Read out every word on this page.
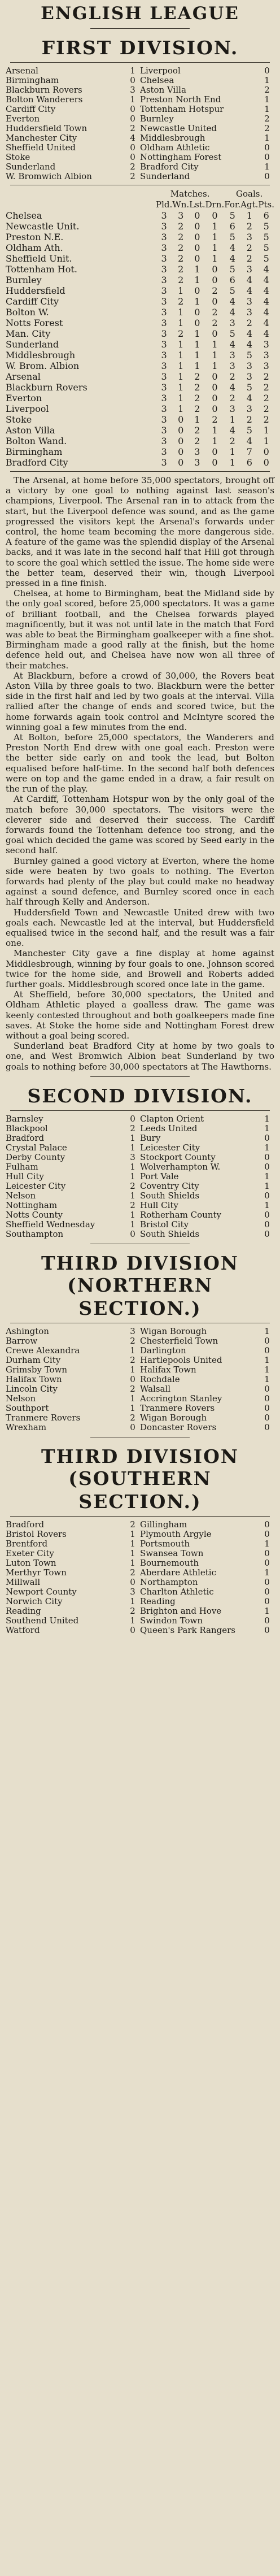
ENGLISH LEAGUE
FIRST DIVISION.
Arsenal	1 Liverpool	0
Birmingham	0 Chelsea	1
Blackburn Rovers	3 Aston Villa	2
Bolton Wanderers	1 Preston North End	1
Cardiff City	0 Tottenham Hotspur	1
Everton	0 Burnley	2
Huddersfield Town	2 Newcastle United	2
Manchester City	4 Middlesbrough	1
Sheffield United	0 Oldham Athletic	0
Stoke	0 Nottingham Forest	0
Sunderland	2 Bradford City	1
W. Bromwich Albion	2 Sunderland	0
	Matches.				Goals.		
	Pld.	Wn.	Lst.	Drn.	For.	Agt.	Pts.
Chelsea	3	3	0	0	5	1	6
Newcastle Unit.	3	2	0	1	6	2	5
Preston N.E.	3	2	0	1	5	3	5
Oldham Ath.	3	2	0	1	4	2	5
Sheffield Unit.	3	2	0	1	4	2	5
Tottenham Hot.	3	2	1	0	5	3	4
Burnley	3	2	1	0	6	4	4
Huddersfield	3	1	0	2	5	4	4
Cardiff City	3	2	1	0	4	3	4
Bolton W.	3	1	0	2	4	3	4
Notts Forest	3	1	0	2	3	2	4
Man. City	3	2	1	0	5	4	4
Sunderland	3	1	1	1	4	4	3
Middlesbrough	3	1	1	1	3	5	3
W. Brom. Albion	3	1	1	1	3	3	3
Arsenal	3	1	2	0	2	3	2
Blackburn Rovers	3	1	2	0	4	5	2
Everton	3	1	2	0	2	4	2
Liverpool	3	1	2	0	3	3	2
Stoke	3	0	1	2	1	2	2
Aston Villa	3	0	2	1	4	5	1
Bolton Wand.	3	0	2	1	2	4	1
Birmingham	3	0	3	0	1	7	0
Bradford City	3	0	3	0	1	6	0

The Arsenal, at home before 35,000 spectators, brought off a victory by one goal to nothing against last season's champions, Liverpool. The Arsenal ran in to attack from the start, but the Liverpool defence was sound, and as the game progressed the visitors kept the Arsenal's forwards under control, the home team becoming the more dangerous side. A feature of the game was the splendid display of the Arsenal backs, and it was late in the second half that Hill got through to score the goal which settled the issue. The home side were the better team, deserved their win, though Liverpool pressed in a fine finish.

Chelsea, at home to Birmingham, beat the Midland side by the only goal scored, before 25,000 spectators. It was a game of brilliant football, and the Chelsea forwards played magnificently, but it was not until late in the match that Ford was able to beat the Birmingham goalkeeper with a fine shot. Birmingham made a good rally at the finish, but the home defence held out, and Chelsea have now won all three of their matches.

At Blackburn, before a crowd of 30,000, the Rovers beat Aston Villa by three goals to two. Blackburn were the better side in the first half and led by two goals at the interval. Villa rallied after the change of ends and scored twice, but the home forwards again took control and McIntyre scored the winning goal a few minutes from the end.

At Bolton, before 25,000 spectators, the Wanderers and Preston North End drew with one goal each. Preston were the better side early on and took the lead, but Bolton equalised before half-time. In the second half both defences were on top and the game ended in a draw, a fair result on the run of the play.

At Cardiff, Tottenham Hotspur won by the only goal of the match before 30,000 spectators. The visitors were the cleverer side and deserved their success. The Cardiff forwards found the Tottenham defence too strong, and the goal which decided the game was scored by Seed early in the second half.

Burnley gained a good victory at Everton, where the home side were beaten by two goals to nothing. The Everton forwards had plenty of the play but could make no headway against a sound defence, and Burnley scored once in each half through Kelly and Anderson.

Huddersfield Town and Newcastle United drew with two goals each. Newcastle led at the interval, but Huddersfield equalised twice in the second half, and the result was a fair one.

Manchester City gave a fine display at home against Middlesbrough, winning by four goals to one. Johnson scored twice for the home side, and Browell and Roberts added further goals. Middlesbrough scored once late in the game.

At Sheffield, before 30,000 spectators, the United and Oldham Athletic played a goalless draw. The game was keenly contested throughout and both goalkeepers made fine saves. At Stoke the home side and Nottingham Forest drew without a goal being scored.

Sunderland beat Bradford City at home by two goals to one, and West Bromwich Albion beat Sunderland by two goals to nothing before 30,000 spectators at The Hawthorns.

SECOND DIVISION.
Barnsley	0 Clapton Orient	1
Blackpool	2 Leeds United	1
Bradford	1 Bury	0
Crystal Palace	1 Leicester City	1
Derby County	3 Stockport County	0
Fulham	1 Wolverhampton W.	0
Hull City	1 Port Vale	1
Leicester City	2 Coventry City	1
Nelson	1 South Shields	0
Nottingham	2 Hull City	1
Notts County	1 Rotherham County	0
Sheffield Wednesday	1 Bristol City	0
Southampton	0 South Shields	0
THIRD DIVISION (NORTHERN
SECTION.)
Ashington	3 Wigan Borough	1
Barrow	2 Chesterfield Town	0
Crewe Alexandra	1 Darlington	0
Durham City	2 Hartlepools United	1
Grimsby Town	1 Halifax Town	1
Halifax Town	0 Rochdale	1
Lincoln City	2 Walsall	0
Nelson	1 Accrington Stanley	0
Southport	1 Tranmere Rovers	0
Tranmere Rovers	2 Wigan Borough	0
Wrexham	0 Doncaster Rovers	0
THIRD DIVISION (SOUTHERN
SECTION.)
Bradford	2 Gillingham	0
Bristol Rovers	1 Plymouth Argyle	0
Brentford	1 Portsmouth	1
Exeter City	1 Swansea Town	0
Luton Town	1 Bournemouth	0
Merthyr Town	2 Aberdare Athletic	1
Millwall	0 Northampton	0
Newport County	3 Charlton Athletic	0
Norwich City	1 Reading	0
Reading	2 Brighton and Hove	1
Southend United	1 Swindon Town	0
Watford	0 Queen's Park Rangers	0
